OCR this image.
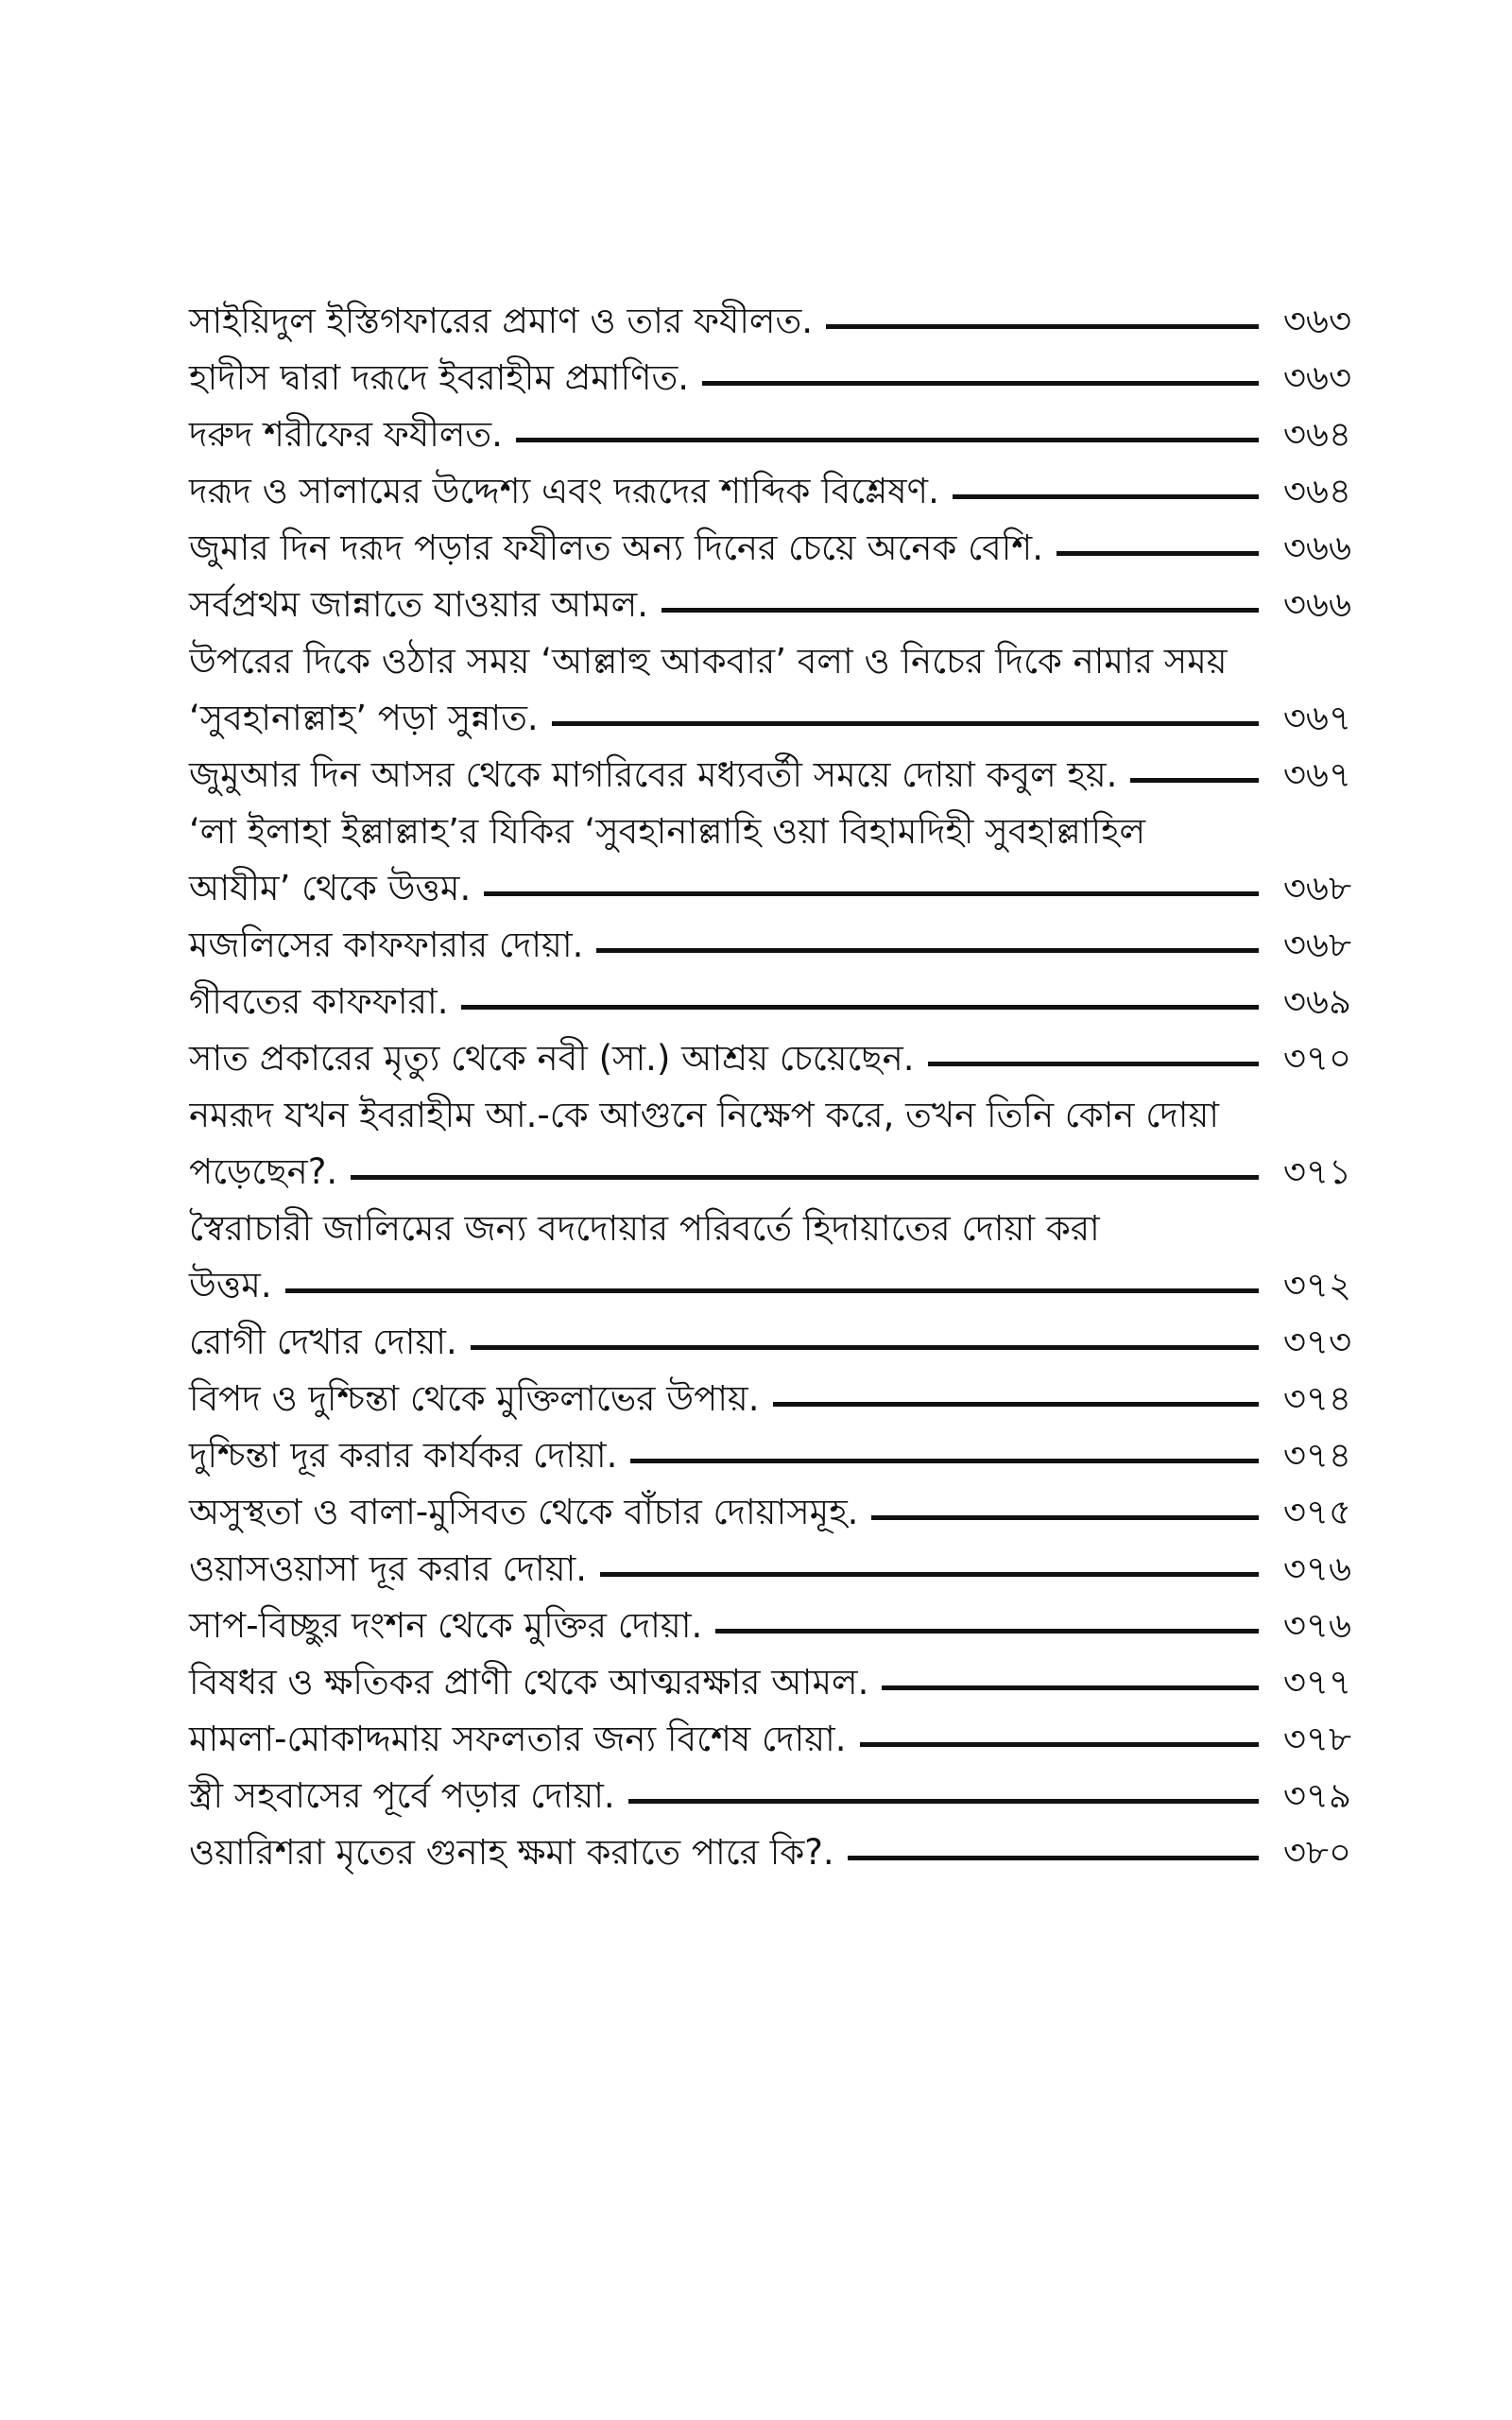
সাইয়িদুল ইস্তিগফারের প্রমাণ ও তার ফযীলত .	৩৬৩
হাদীস দ্বারা দরূদে ইবরাহীম প্রমাণিত .	৩৬৩
দরুদ শরীফের ফযীলত .	৩৬৪
দরূদ ও সালামের উদ্দেশ্য এবং দরূদের শাব্দিক বিশ্লেষণ .	৩৬৪
জুমার দিন দরূদ পড়ার ফযীলত অন্য দিনের চেয়ে অনেক বেশি .	৩৬৬
সর্বপ্রথম জান্নাতে যাওয়ার আমল .	৩৬৬
উপরের দিকে ওঠার সময় ‘আল্লাহু আকবার’ বলা ও নিচের দিকে নামার সময়
‘সুবহানাল্লাহ’ পড়া সুন্নাত .	৩৬৭
জুমুআর দিন আসর থেকে মাগরিবের মধ্যবর্তী সময়ে দোয়া কবুল হয় .	৩৬৭
‘লা ইলাহা ইল্লাল্লাহ’র যিকির ‘সুবহানাল্লাহি ওয়া বিহামদিহী সুবহাল্লাহিল
আযীম’ থেকে উত্তম .	৩৬৮
মজলিসের কাফফারার দোয়া .	৩৬৮
গীবতের কাফফারা .	৩৬৯
সাত প্রকারের মৃত্যু থেকে নবী (সা.) আশ্রয় চেয়েছেন .	৩৭০
নমরূদ যখন ইবরাহীম আ.-কে আগুনে নিক্ষেপ করে, তখন তিনি কোন দোয়া
পড়েছেন? .	৩৭১
স্বৈরাচারী জালিমের জন্য বদদোয়ার পরিবর্তে হিদায়াতের দোয়া করা
উত্তম .	৩৭২
রোগী দেখার দোয়া .	৩৭৩
বিপদ ও দুশ্চিন্তা থেকে মুক্তিলাভের উপায় .	৩৭৪
দুশ্চিন্তা দূর করার কার্যকর দোয়া .	৩৭৪
অসুস্থতা ও বালা-মুসিবত থেকে বাঁচার দোয়াসমূহ .	৩৭৫
ওয়াসওয়াসা দূর করার দোয়া .	৩৭৬
সাপ-বিচ্ছুর দংশন থেকে মুক্তির দোয়া .	৩৭৬
বিষধর ও ক্ষতিকর প্রাণী থেকে আত্মরক্ষার আমল .	৩৭৭
মামলা-মোকাদ্দমায় সফলতার জন্য বিশেষ দোয়া .	৩৭৮
স্ত্রী সহবাসের পূর্বে পড়ার দোয়া .	৩৭৯
ওয়ারিশরা মৃতের গুনাহ ক্ষমা করাতে পারে কি? .	৩৮০
